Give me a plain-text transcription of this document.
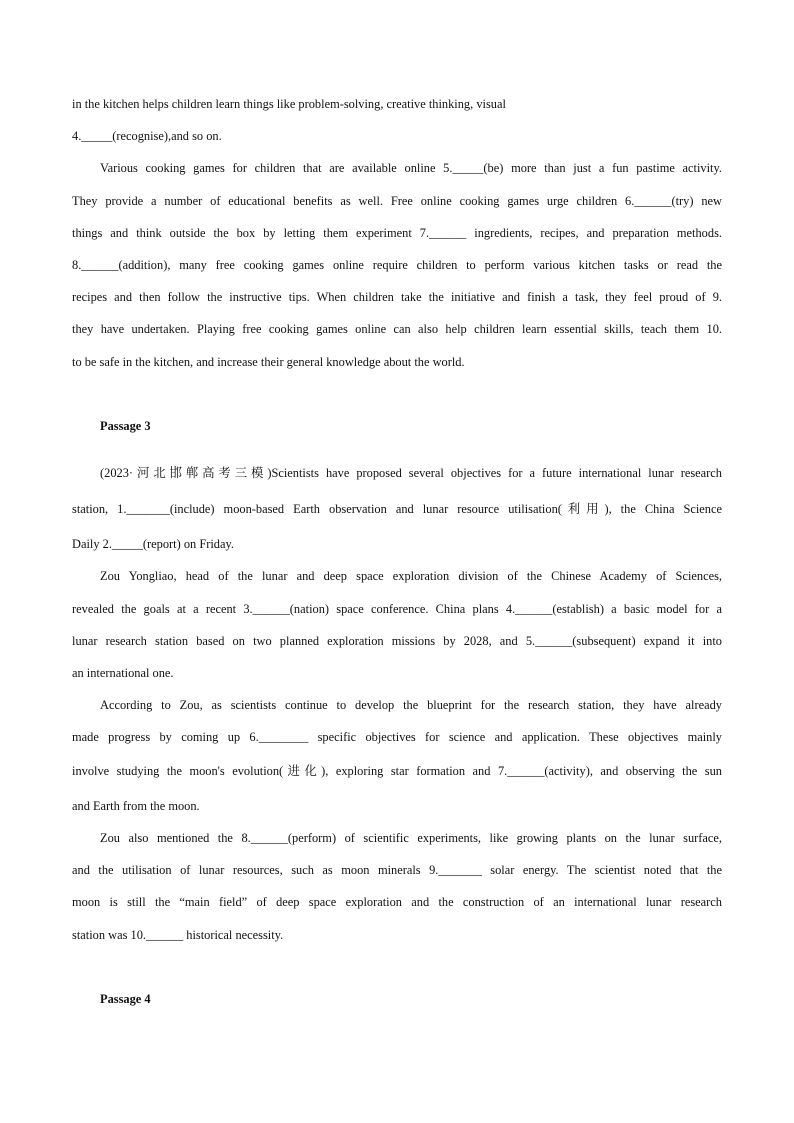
in the kitchen helps children learn things like problem-solving, creative thinking, visual
4._____(recognise),and so on.
Various cooking games for children that are available online 5._____(be) more than just a fun pastime activity.
They provide a number of educational benefits as well. Free online cooking games urge children 6.______(try) new
things and think outside the box by letting them experiment 7.______ ingredients, recipes, and preparation methods.
8.______(addition), many free cooking games online require children to perform various kitchen tasks or read the
recipes and then follow the instructive tips. When children take the initiative and finish a task, they feel proud of 9.
they have undertaken. Playing free cooking games online can also help children learn essential skills, teach them 10.
to be safe in the kitchen, and increase their general knowledge about the world.
Passage 3
(2023·河北邯郸高考三模)Scientists have proposed several objectives for a future international lunar research
station, 1._______(include) moon-based Earth observation and lunar resource utilisation(利用), the China Science
Daily 2._____(report) on Friday.
Zou Yongliao, head of the lunar and deep space exploration division of the Chinese Academy of Sciences,
revealed the goals at a recent 3.______(nation) space conference. China plans 4.______(establish) a basic model for a
lunar research station based on two planned exploration missions by 2028, and 5.______(subsequent) expand it into
an international one.
According to Zou, as scientists continue to develop the blueprint for the research station, they have already
made progress by coming up 6.________ specific objectives for science and application. These objectives mainly
involve studying the moon's evolution(进化), exploring star formation and 7.______(activity), and observing the sun
and Earth from the moon.
Zou also mentioned the 8.______(perform) of scientific experiments, like growing plants on the lunar surface,
and the utilisation of lunar resources, such as moon minerals 9._______ solar energy. The scientist noted that the
moon is still the “main field” of deep space exploration and the construction of an international lunar research
station was 10.______ historical necessity.
Passage 4
